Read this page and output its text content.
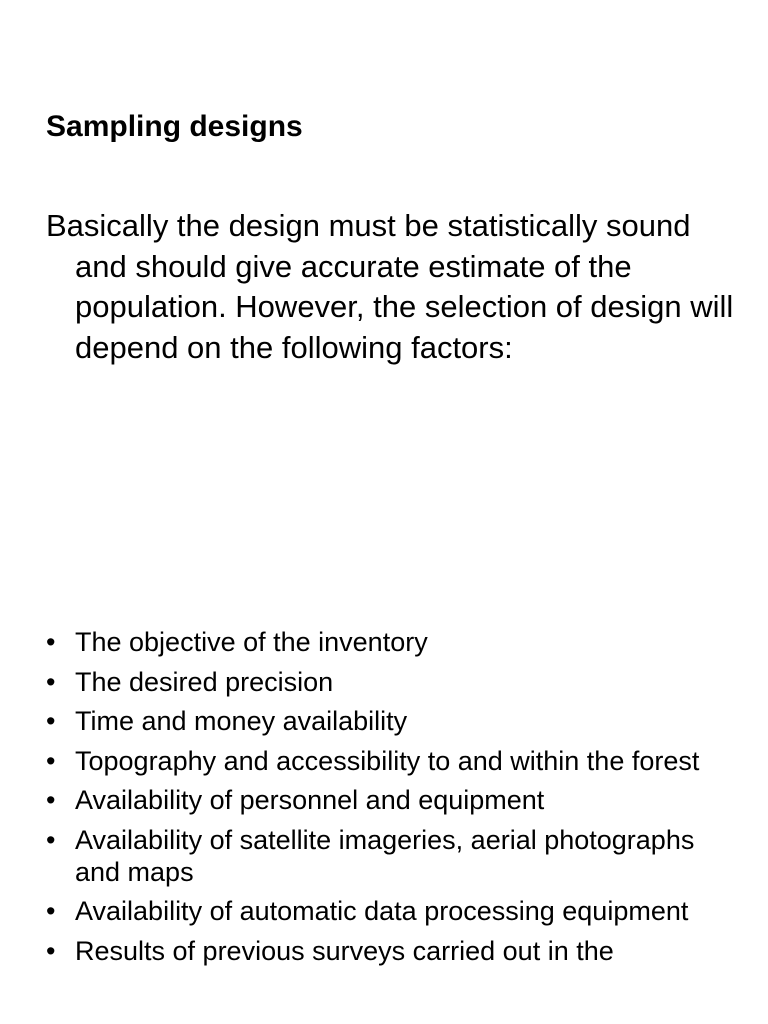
Sampling designs

Basically the design must be statistically sound and should give accurate estimate of the population. However, the selection of design will depend on the following factors:

• The objective of the inventory
• The desired precision
• Time and money availability
• Topography and accessibility to and within the forest
• Availability of personnel and equipment
• Availability of satellite imageries, aerial photographs and maps
• Availability of automatic data processing equipment
• Results of previous surveys carried out in the
